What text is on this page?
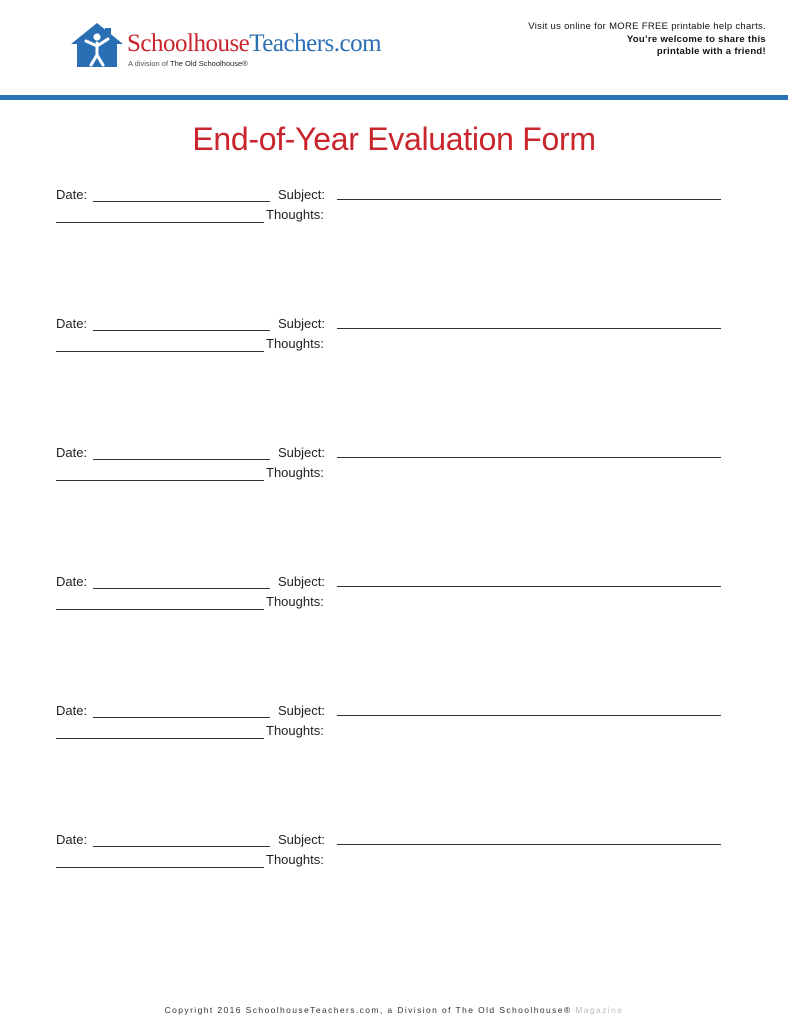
SchoolhouseTeachers.com
A division of The Old Schoolhouse®
Visit us online for MORE FREE printable help charts.
You’re welcome to share this
printable with a friend!
End-of-Year Evaluation Form
Date:	Subject:
Thoughts:
Date:	Subject:
Thoughts:
Date:	Subject:
Thoughts:
Date:	Subject:
Thoughts:
Date:	Subject:
Thoughts:
Date:	Subject:
Thoughts:
Copyright 2016 SchoolhouseTeachers.com, a Division of The Old Schoolhouse® Magazine
